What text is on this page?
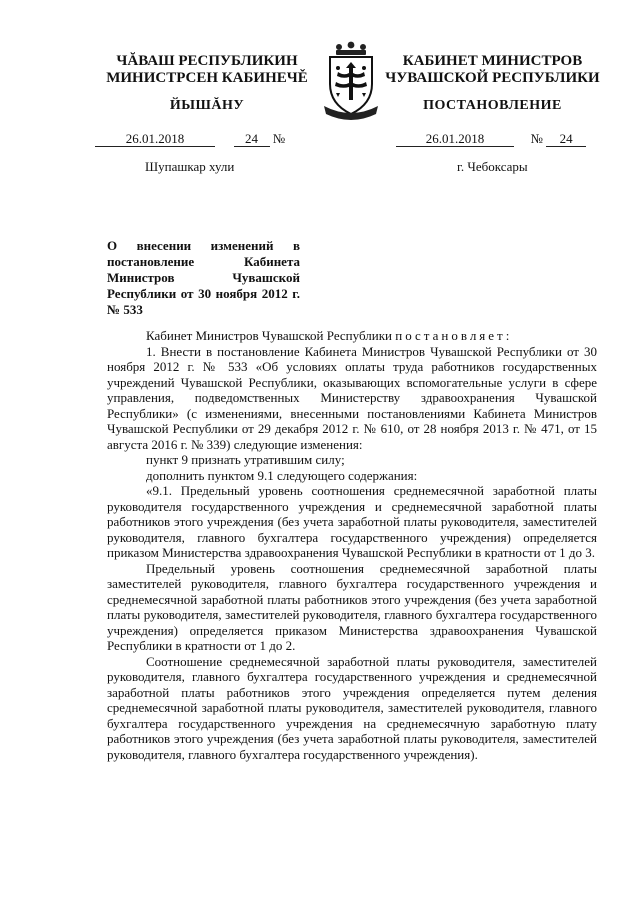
ЧĂВАШ РЕСПУБЛИКИН
МИНИСТРСЕН КАБИНЕЧĚ
ЙЫШĂНУ
КАБИНЕТ МИНИСТРОВ
ЧУВАШСКОЙ РЕСПУБЛИКИ
ПОСТАНОВЛЕНИЕ
26.01.2018	24 №	26.01.2018	№ 24
Шупашкар хули	г. Чебоксары
О внесении изменений в постановление Кабинета Министров Чувашской Республики от 30 ноября 2012 г. № 533

Кабинет Министров Чувашской Республики постановляет:

1. Внести в постановление Кабинета Министров Чувашской Республики от 30 ноября 2012 г. № 533 «Об условиях оплаты труда работников государственных учреждений Чувашской Республики, оказывающих вспомогательные услуги в сфере управления, подведомственных Министерству здравоохранения Чувашской Республики» (с изменениями, внесенными постановлениями Кабинета Министров Чувашской Республики от 29 декабря 2012 г. № 610, от 28 ноября 2013 г. № 471, от 15 августа 2016 г. № 339) следующие изменения:

пункт 9 признать утратившим силу;

дополнить пунктом 9.1 следующего содержания:

«9.1. Предельный уровень соотношения среднемесячной заработной платы руководителя государственного учреждения и среднемесячной заработной платы работников этого учреждения (без учета заработной платы руководителя, заместителей руководителя, главного бухгалтера государственного учреждения) определяется приказом Министерства здравоохранения Чувашской Республики в кратности от 1 до 3.

Предельный уровень соотношения среднемесячной заработной платы заместителей руководителя, главного бухгалтера государственного учреждения и среднемесячной заработной платы работников этого учреждения (без учета заработной платы руководителя, заместителей руководителя, главного бухгалтера государственного учреждения) определяется приказом Министерства здравоохранения Чувашской Республики в кратности от 1 до 2.

Соотношение среднемесячной заработной платы руководителя, заместителей руководителя, главного бухгалтера государственного учреждения и среднемесячной заработной платы работников этого учреждения определяется путем деления среднемесячной заработной платы руководителя, заместителей руководителя, главного бухгалтера государственного учреждения на среднемесячную заработную плату работников этого учреждения (без учета заработной платы руководителя, заместителей руководителя, главного бухгалтера государственного учреждения).
